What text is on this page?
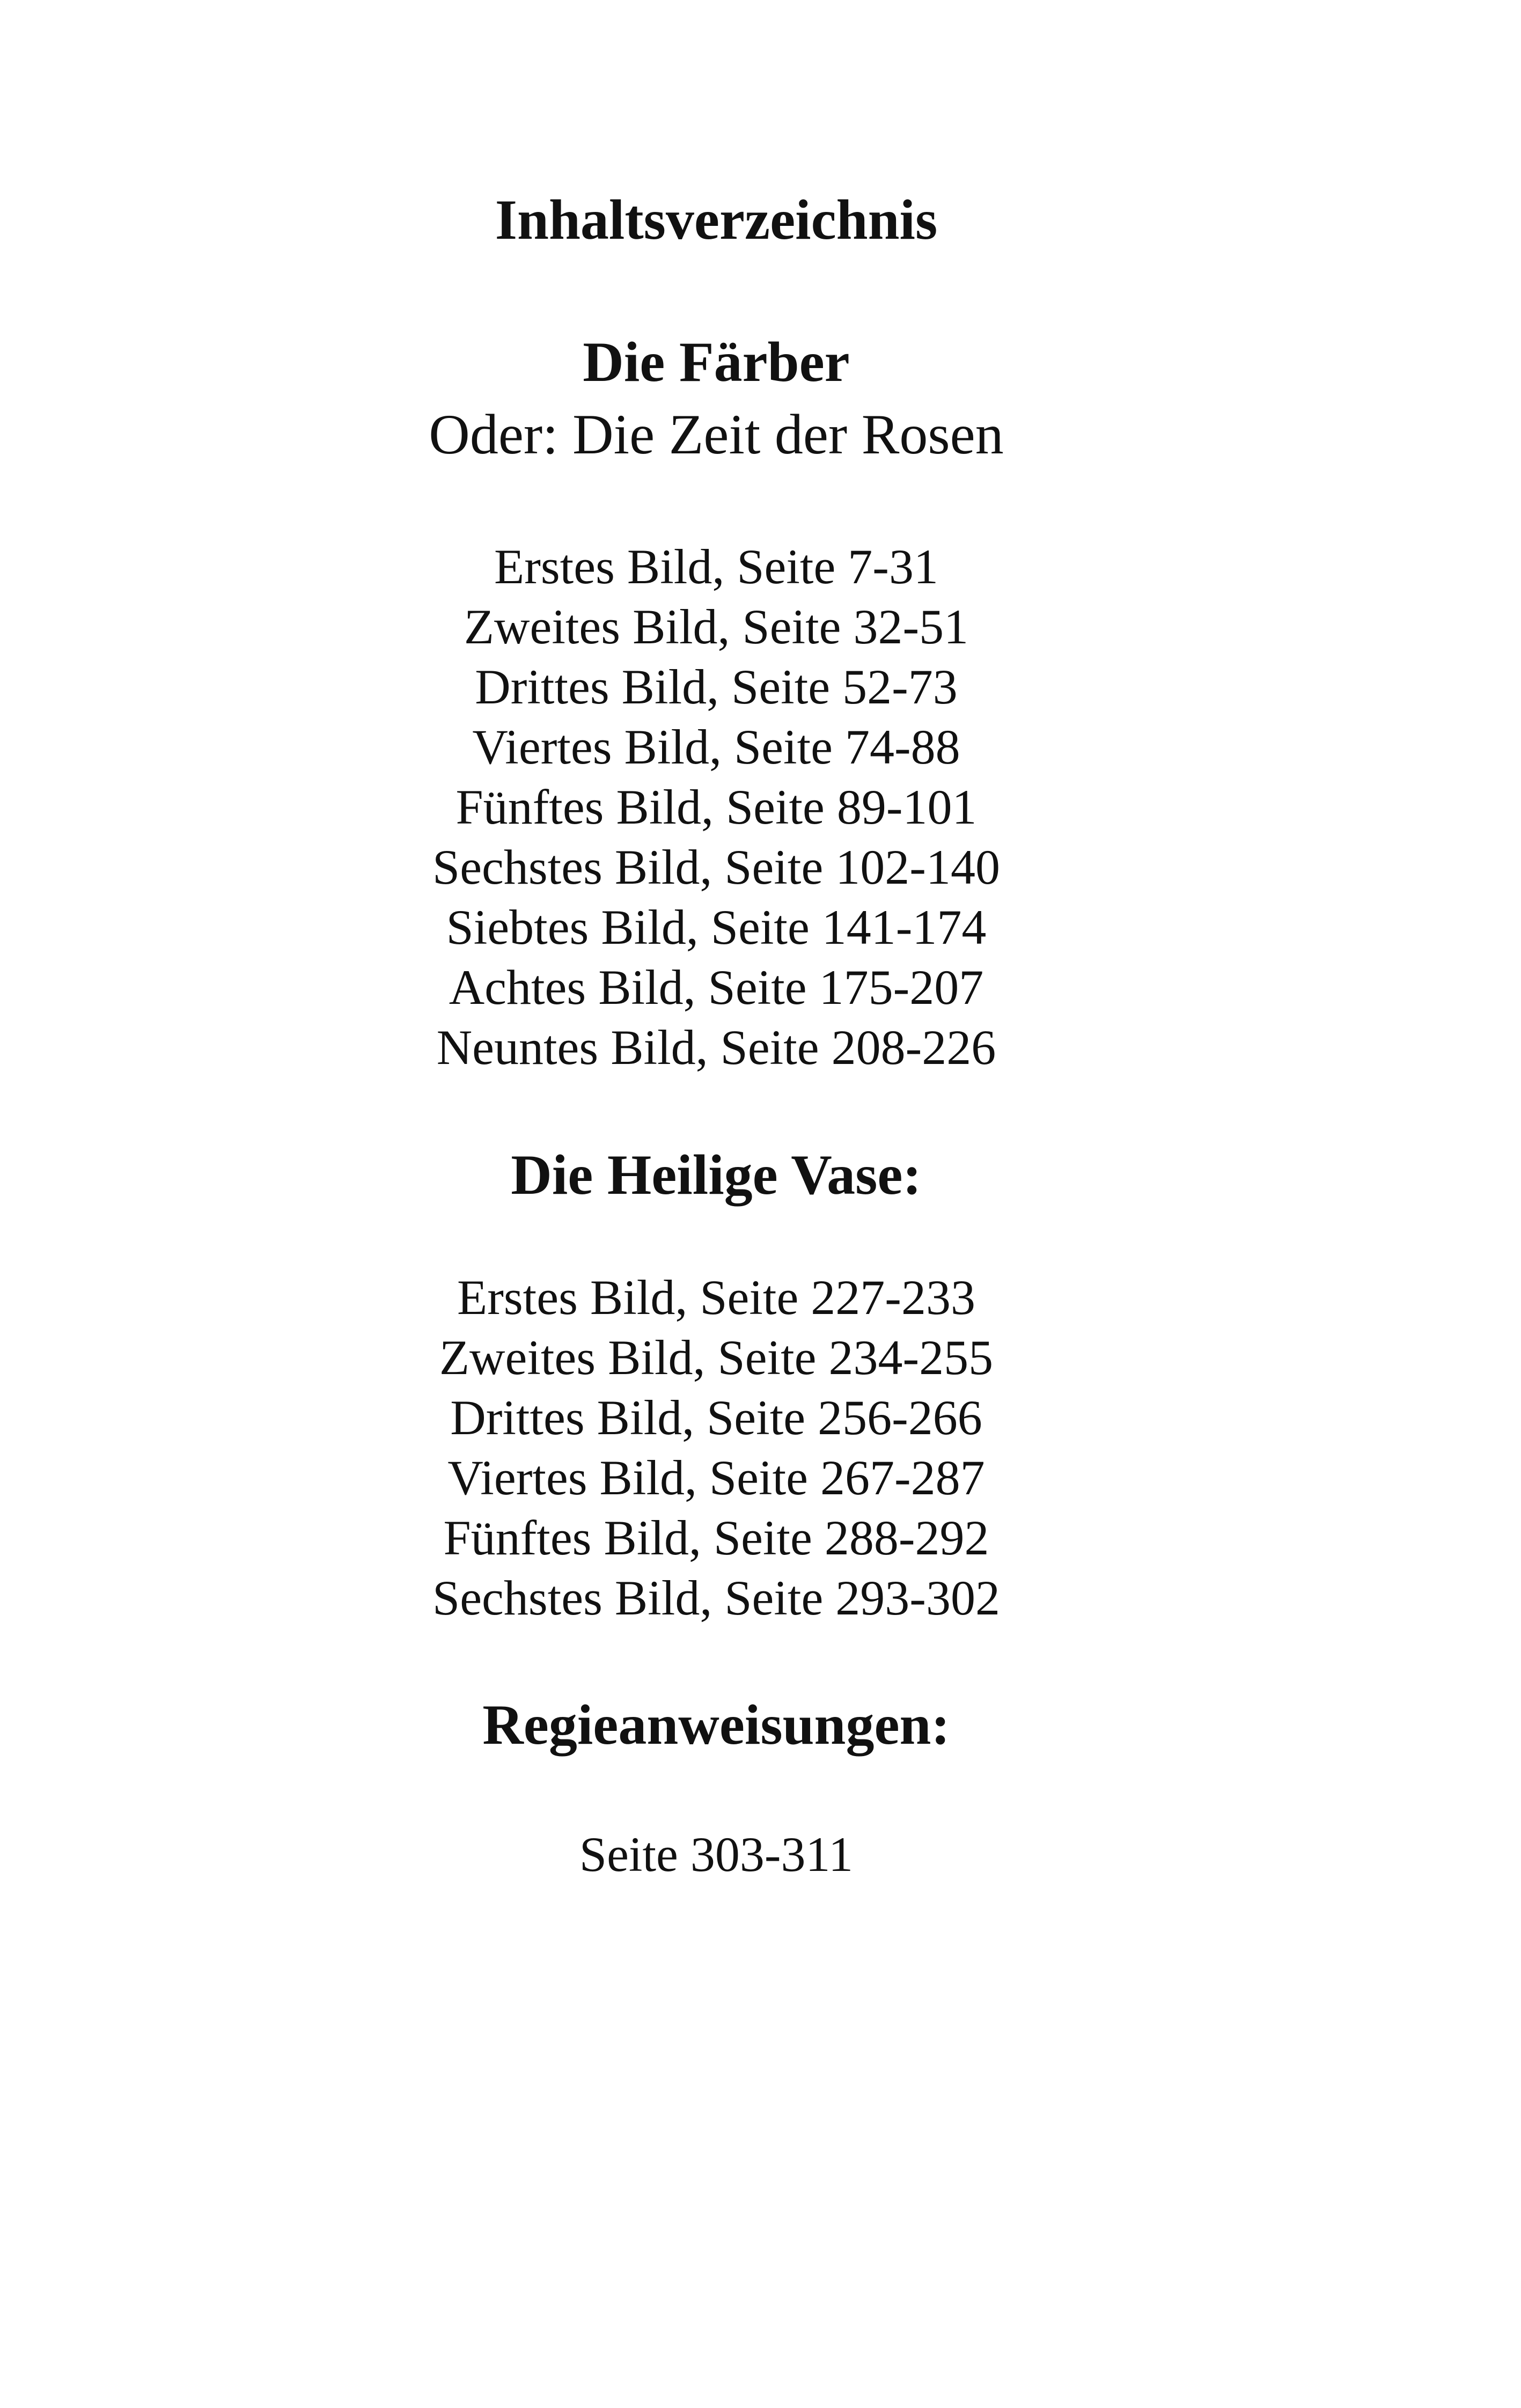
Inhaltsverzeichnis
Die Färber
Oder: Die Zeit der Rosen
Erstes Bild, Seite 7-31
Zweites Bild, Seite 32-51
Drittes Bild, Seite 52-73
Viertes Bild, Seite 74-88
Fünftes Bild, Seite 89-101
Sechstes Bild, Seite 102-140
Siebtes Bild, Seite 141-174
Achtes Bild, Seite 175-207
Neuntes Bild, Seite 208-226
Die Heilige Vase:
Erstes Bild, Seite 227-233
Zweites Bild, Seite 234-255
Drittes Bild, Seite 256-266
Viertes Bild, Seite 267-287
Fünftes Bild, Seite 288-292
Sechstes Bild, Seite 293-302
Regieanweisungen:
Seite 303-311
